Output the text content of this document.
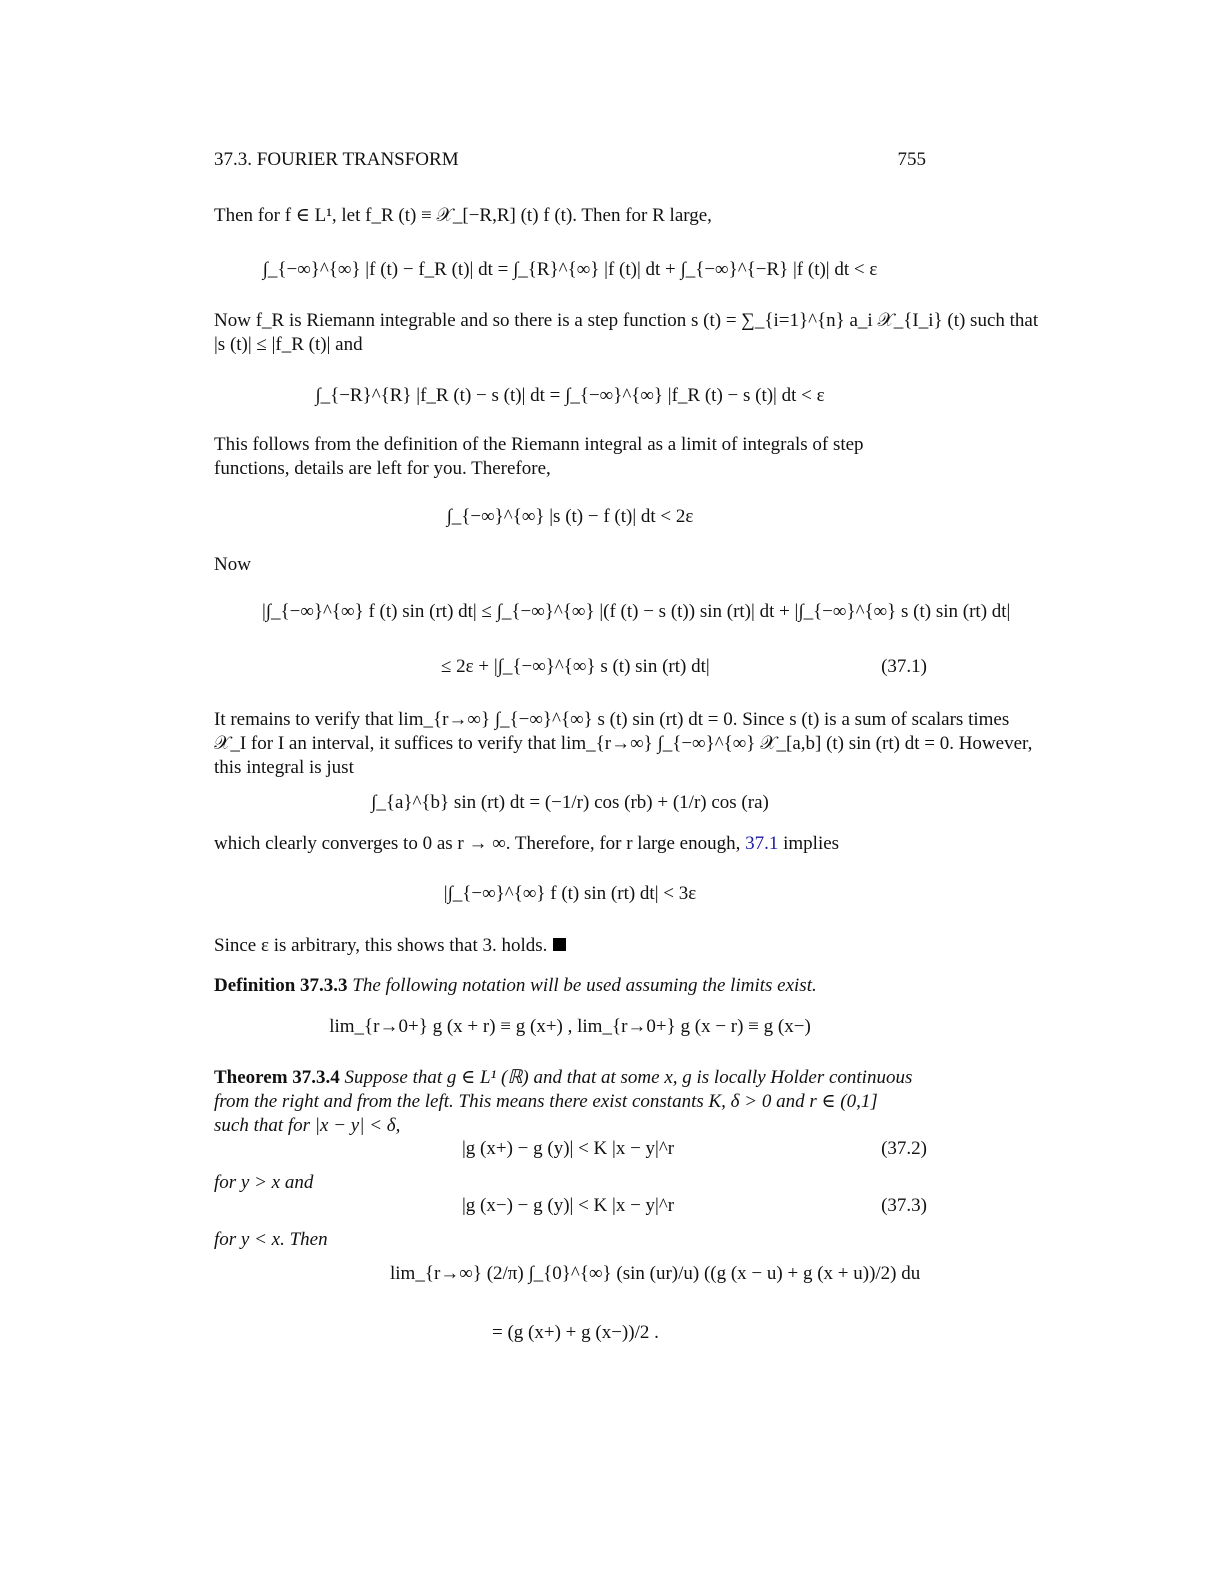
37.3. FOURIER TRANSFORM	755
Then for f ∈ L¹, let f_R (t) ≡ 𝒳_[−R,R] (t) f (t). Then for R large,
∫_{−∞}^{∞} |f (t) − f_R (t)| dt = ∫_{R}^{∞} |f (t)| dt + ∫_{−∞}^{−R} |f (t)| dt < ε
Now f_R is Riemann integrable and so there is a step function s (t) = ∑_{i=1}^{n} a_i 𝒳_{I_i} (t) such that
|s (t)| ≤ |f_R (t)| and
∫_{−R}^{R} |f_R (t) − s (t)| dt = ∫_{−∞}^{∞} |f_R (t) − s (t)| dt < ε
This follows from the definition of the Riemann integral as a limit of integrals of step
functions, details are left for you. Therefore,
∫_{−∞}^{∞} |s (t) − f (t)| dt < 2ε
Now
|∫_{−∞}^{∞} f (t) sin (rt) dt| ≤ ∫_{−∞}^{∞} |(f (t) − s (t)) sin (rt)| dt + |∫_{−∞}^{∞} s (t) sin (rt) dt|
≤ 2ε + |∫_{−∞}^{∞} s (t) sin (rt) dt|	(37.1)
It remains to verify that lim_{r→∞} ∫_{−∞}^{∞} s (t) sin (rt) dt = 0. Since s (t) is a sum of scalars times
𝒳_I for I an interval, it suffices to verify that lim_{r→∞} ∫_{−∞}^{∞} 𝒳_[a,b] (t) sin (rt) dt = 0. However,
this integral is just
∫_{a}^{b} sin (rt) dt = (−1/r) cos (rb) + (1/r) cos (ra)
which clearly converges to 0 as r → ∞. Therefore, for r large enough, 37.1 implies
|∫_{−∞}^{∞} f (t) sin (rt) dt| < 3ε
Since ε is arbitrary, this shows that 3. holds.
Definition 37.3.3 The following notation will be used assuming the limits exist.
lim_{r→0+} g (x + r) ≡ g (x+) , lim_{r→0+} g (x − r) ≡ g (x−)
Theorem 37.3.4 Suppose that g ∈ L¹ (ℝ) and that at some x, g is locally Holder continuous
from the right and from the left. This means there exist constants K, δ > 0 and r ∈ (0,1]
such that for |x − y| < δ,
|g (x+) − g (y)| < K |x − y|^r	(37.2)
for y > x and
|g (x−) − g (y)| < K |x − y|^r	(37.3)
for y < x. Then
lim_{r→∞} (2/π) ∫_{0}^{∞} (sin (ur)/u) ((g (x − u) + g (x + u))/2) du
= (g (x+) + g (x−))/2 .
